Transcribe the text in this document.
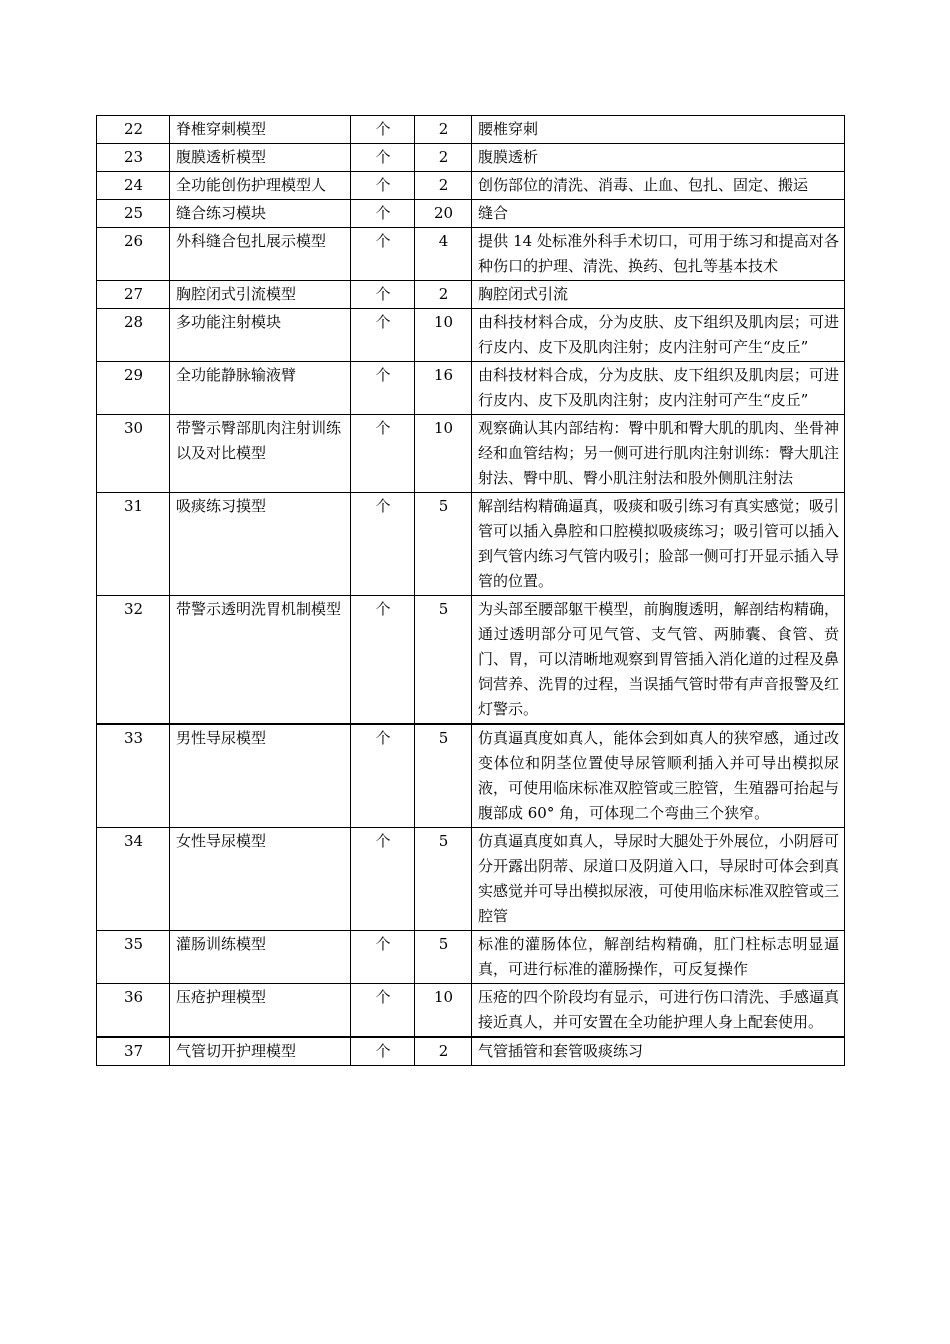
22	脊椎穿刺模型	个	2	腰椎穿刺
23	腹膜透析模型	个	2	腹膜透析
24	全功能创伤护理模型人	个	2	创伤部位的清洗、消毒、止血、包扎、固定、搬运
25	缝合练习模块	个	20	缝合
26	外科缝合包扎展示模型	个	4	提供 14 处标准外科手术切口，可用于练习和提高对各种伤口的护理、清洗、换药、包扎等基本技术
27	胸腔闭式引流模型	个	2	胸腔闭式引流
28	多功能注射模块	个	10	由科技材料合成，分为皮肤、皮下组织及肌肉层；可进行皮内、皮下及肌肉注射；皮内注射可产生“皮丘”
29	全功能静脉输液臂	个	16	由科技材料合成，分为皮肤、皮下组织及肌肉层；可进行皮内、皮下及肌肉注射；皮内注射可产生“皮丘”
30	带警示臀部肌肉注射训练以及对比模型	个	10	观察确认其内部结构：臀中肌和臀大肌的肌肉、坐骨神经和血管结构；另一侧可进行肌肉注射训练：臀大肌注射法、臀中肌、臀小肌注射法和股外侧肌注射法
31	吸痰练习摸型	个	5	解剖结构精确逼真，吸痰和吸引练习有真实感觉；吸引管可以插入鼻腔和口腔模拟吸痰练习；吸引管可以插入到气管内练习气管内吸引；脸部一侧可打开显示插入导管的位置。
32	带警示透明洗胃机制模型	个	5	为头部至腰部躯干模型，前胸腹透明，解剖结构精确，通过透明部分可见气管、支气管、两肺囊、食管、贲门、胃，可以清晰地观察到胃管插入消化道的过程及鼻饲营养、洗胃的过程，当误插气管时带有声音报警及红灯警示。
33	男性导尿模型	个	5	仿真逼真度如真人，能体会到如真人的狭窄感，通过改变体位和阴茎位置使导尿管顺利插入并可导出模拟尿液，可使用临床标准双腔管或三腔管，生殖器可抬起与腹部成 60° 角，可体现二个弯曲三个狭窄。
34	女性导尿模型	个	5	仿真逼真度如真人，导尿时大腿处于外展位，小阴唇可分开露出阴蒂、尿道口及阴道入口，导尿时可体会到真实感觉并可导出模拟尿液，可使用临床标准双腔管或三腔管
35	灌肠训练模型	个	5	标准的灌肠体位，解剖结构精确，肛门柱标志明显逼真，可进行标准的灌肠操作，可反复操作
36	压疮护理模型	个	10	压疮的四个阶段均有显示，可进行伤口清洗、手感逼真接近真人，并可安置在全功能护理人身上配套使用。
37	气管切开护理模型	个	2	气管插管和套管吸痰练习
